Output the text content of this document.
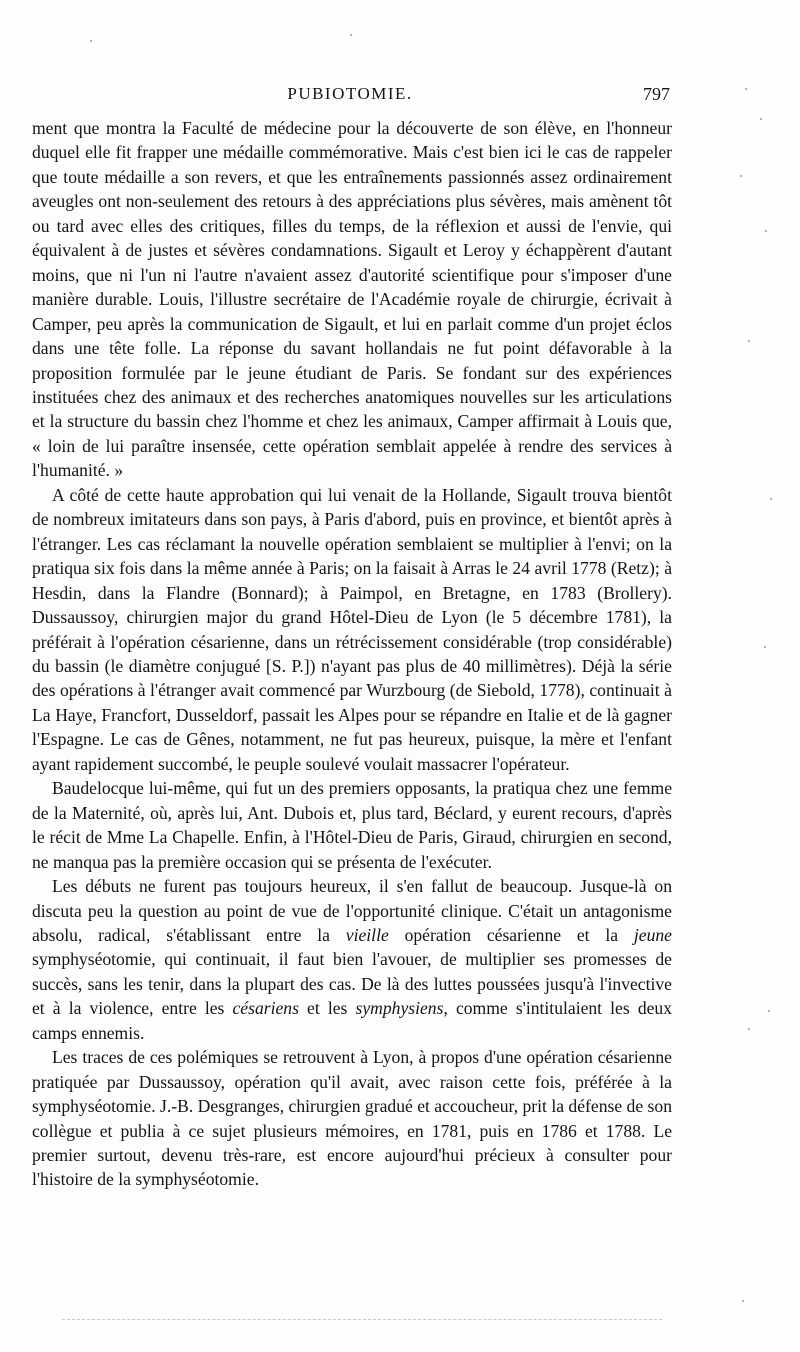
PUBIOTOMIE.	797

ment que montra la Faculté de médecine pour la découverte de son élève, en l'honneur duquel elle fit frapper une médaille commémorative. Mais c'est bien ici le cas de rappeler que toute médaille a son revers, et que les entraînements passionnés assez ordinairement aveugles ont non-seulement des retours à des appréciations plus sévères, mais amènent tôt ou tard avec elles des critiques, filles du temps, de la réflexion et aussi de l'envie, qui équivalent à de justes et sévères condamnations. Sigault et Leroy y échappèrent d'autant moins, que ni l'un ni l'autre n'avaient assez d'autorité scientifique pour s'imposer d'une manière durable. Louis, l'illustre secrétaire de l'Académie royale de chirurgie, écrivait à Camper, peu après la communication de Sigault, et lui en parlait comme d'un projet éclos dans une tête folle. La réponse du savant hollandais ne fut point défavorable à la proposition formulée par le jeune étudiant de Paris. Se fondant sur des expériences instituées chez des animaux et des recherches anatomiques nouvelles sur les articulations et la structure du bassin chez l'homme et chez les animaux, Camper affirmait à Louis que, « loin de lui paraître insensée, cette opération semblait appelée à rendre des services à l'humanité. »

A côté de cette haute approbation qui lui venait de la Hollande, Sigault trouva bientôt de nombreux imitateurs dans son pays, à Paris d'abord, puis en province, et bientôt après à l'étranger. Les cas réclamant la nouvelle opération semblaient se multiplier à l'envi; on la pratiqua six fois dans la même année à Paris; on la faisait à Arras le 24 avril 1778 (Retz); à Hesdin, dans la Flandre (Bonnard); à Paimpol, en Bretagne, en 1783 (Brollery). Dussaussoy, chirurgien major du grand Hôtel-Dieu de Lyon (le 5 décembre 1781), la préférait à l'opération césarienne, dans un rétrécissement considérable (trop considérable) du bassin (le diamètre conjugué [S. P.]) n'ayant pas plus de 40 millimètres). Déjà la série des opérations à l'étranger avait commencé par Wurzbourg (de Siebold, 1778), continuait à La Haye, Francfort, Dusseldorf, passait les Alpes pour se répandre en Italie et de là gagner l'Espagne. Le cas de Gênes, notamment, ne fut pas heureux, puisque, la mère et l'enfant ayant rapidement succombé, le peuple soulevé voulait massacrer l'opérateur.

Baudelocque lui-même, qui fut un des premiers opposants, la pratiqua chez une femme de la Maternité, où, après lui, Ant. Dubois et, plus tard, Béclard, y eurent recours, d'après le récit de Mme La Chapelle. Enfin, à l'Hôtel-Dieu de Paris, Giraud, chirurgien en second, ne manqua pas la première occasion qui se présenta de l'exécuter.

Les débuts ne furent pas toujours heureux, il s'en fallut de beaucoup. Jusque-là on discuta peu la question au point de vue de l'opportunité clinique. C'était un antagonisme absolu, radical, s'établissant entre la vieille opération césarienne et la jeune symphyséotomie, qui continuait, il faut bien l'avouer, de multiplier ses promesses de succès, sans les tenir, dans la plupart des cas. De là des luttes poussées jusqu'à l'invective et à la violence, entre les césariens et les symphysiens, comme s'intitulaient les deux camps ennemis.

Les traces de ces polémiques se retrouvent à Lyon, à propos d'une opération césarienne pratiquée par Dussaussoy, opération qu'il avait, avec raison cette fois, préférée à la symphyséotomie. J.-B. Desgranges, chirurgien gradué et accoucheur, prit la défense de son collègue et publia à ce sujet plusieurs mémoires, en 1781, puis en 1786 et 1788. Le premier surtout, devenu très-rare, est encore aujourd'hui précieux à consulter pour l'histoire de la symphyséotomie.
